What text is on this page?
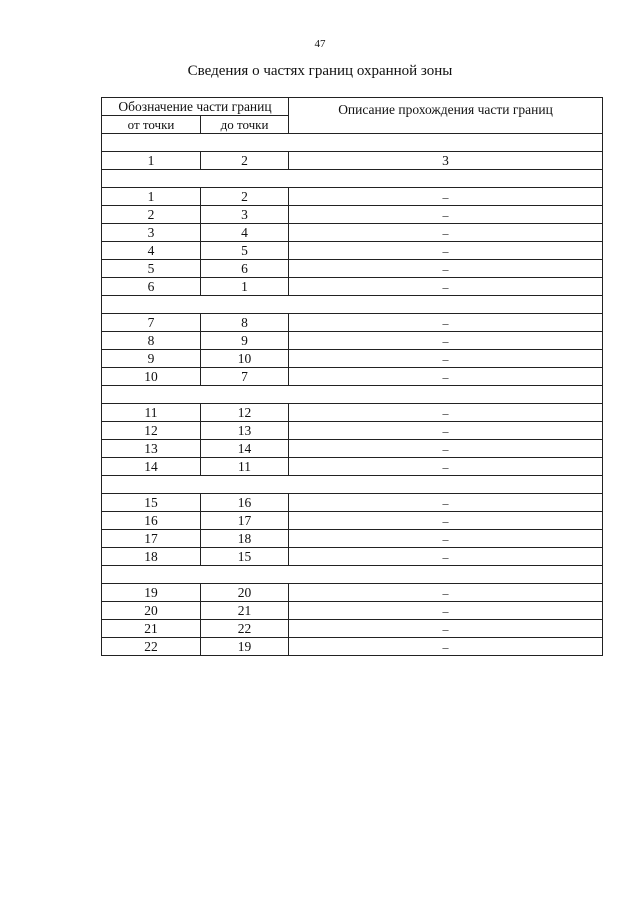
47
Сведения о частях границ охранной зоны
Обозначение части границ		Описание прохождения части границ
от точки	до точки	

1	2	3

1	2	–
2	3	–
3	4	–
4	5	–
5	6	–
6	1	–

7	8	–
8	9	–
9	10	–
10	7	–

11	12	–
12	13	–
13	14	–
14	11	–

15	16	–
16	17	–
17	18	–
18	15	–

19	20	–
20	21	–
21	22	–
22	19	–
